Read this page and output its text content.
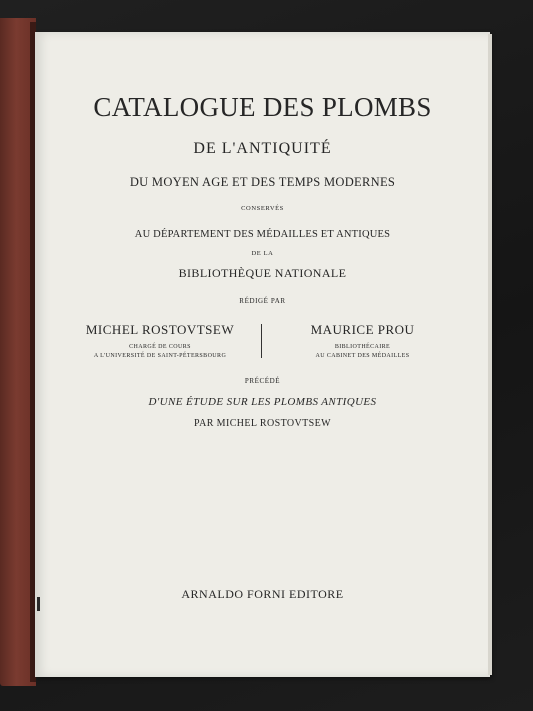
CATALOGUE DES PLOMBS
DE L'ANTIQUITÉ
DU MOYEN AGE ET DES TEMPS MODERNES
CONSERVÉS
AU DÉPARTEMENT DES MÉDAILLES ET ANTIQUES
DE LA
BIBLIOTHÈQUE NATIONALE
RÉDIGÉ PAR
MICHEL ROSTOVTSEW
CHARGÉ DE COURS
A L'UNIVERSITÉ DE SAINT-PÉTERSBOURG
MAURICE PROU
BIBLIOTHÉCAIRE
AU CABINET DES MÉDAILLES
PRÉCÉDÉ
D'UNE ÉTUDE SUR LES PLOMBS ANTIQUES
PAR MICHEL ROSTOVTSEW
ARNALDO FORNI EDITORE
